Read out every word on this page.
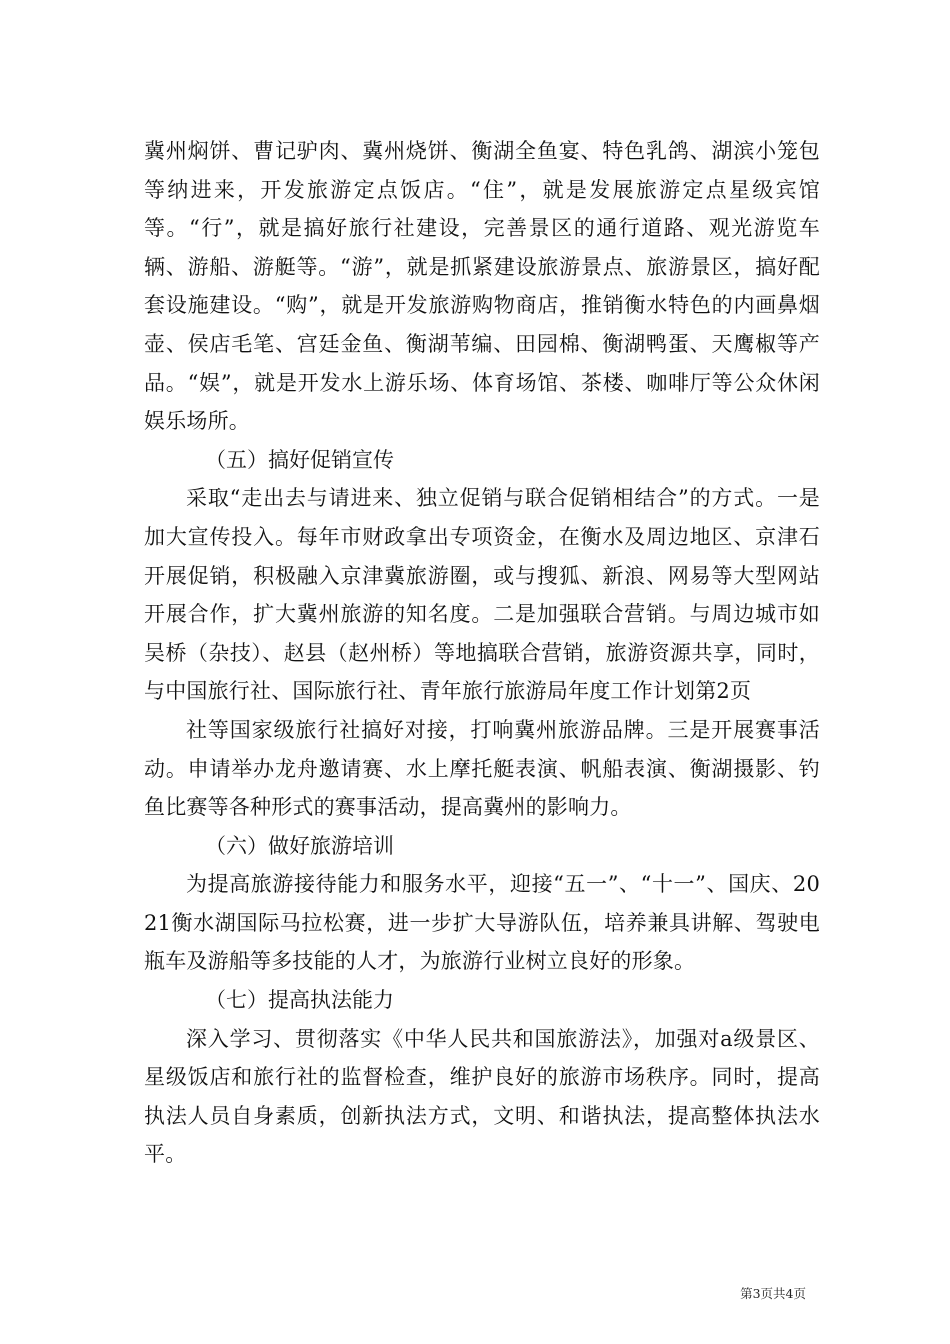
冀州焖饼、曹记驴肉、冀州烧饼、衡湖全鱼宴、特色乳鸽、湖滨小笼包等纳进来，开发旅游定点饭店。“住”，就是发展旅游定点星级宾馆等。“行”，就是搞好旅行社建设，完善景区的通行道路、观光游览车辆、游船、游艇等。“游”，就是抓紧建设旅游景点、旅游景区，搞好配套设施建设。“购”，就是开发旅游购物商店，推销衡水特色的内画鼻烟壶、侯店毛笔、宫廷金鱼、衡湖苇编、田园棉、衡湖鸭蛋、天鹰椒等产品。“娱”，就是开发水上游乐场、体育场馆、茶楼、咖啡厅等公众休闲娱乐场所。

（五）搞好促销宣传

采取“走出去与请进来、独立促销与联合促销相结合”的方式。一是加大宣传投入。每年市财政拿出专项资金，在衡水及周边地区、京津石开展促销，积极融入京津冀旅游圈，或与搜狐、新浪、网易等大型网站开展合作，扩大冀州旅游的知名度。二是加强联合营销。与周边城市如吴桥（杂技）、赵县（赵州桥）等地搞联合营销，旅游资源共享，同时，与中国旅行社、国际旅行社、青年旅行旅游局年度工作计划第2页

社等国家级旅行社搞好对接，打响冀州旅游品牌。三是开展赛事活动。申请举办龙舟邀请赛、水上摩托艇表演、帆船表演、衡湖摄影、钓鱼比赛等各种形式的赛事活动，提高冀州的影响力。

（六）做好旅游培训

为提高旅游接待能力和服务水平，迎接“五一”、“十一”、国庆、2021衡水湖国际马拉松赛，进一步扩大导游队伍，培养兼具讲解、驾驶电瓶车及游船等多技能的人才，为旅游行业树立良好的形象。

（七）提高执法能力

深入学习、贯彻落实《中华人民共和国旅游法》，加强对a级景区、星级饭店和旅行社的监督检查，维护良好的旅游市场秩序。同时，提高执法人员自身素质，创新执法方式，文明、和谐执法，提高整体执法水平。

第3页共4页
